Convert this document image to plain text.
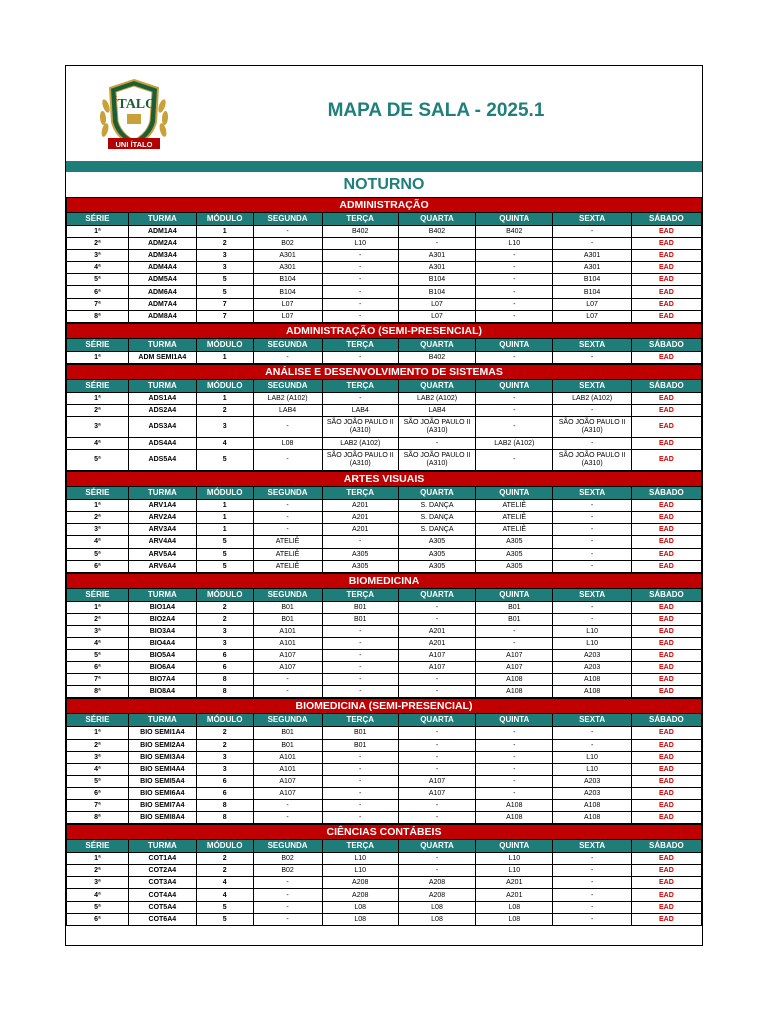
ÍTALO
UNI ÍTALO
MAPA DE SALA - 2025.1
NOTURNO
ADMINISTRAÇÃO								
SÉRIE	TURMA	MÓDULO	SEGUNDA	TERÇA	QUARTA	QUINTA	SEXTA	SÁBADO
1ª	ADM1A4	1	-	B402	B402	B402	-	EAD
2ª	ADM2A4	2	B02	L10	-	L10	-	EAD
3ª	ADM3A4	3	A301	-	A301	-	A301	EAD
4ª	ADM4A4	3	A301	-	A301	-	A301	EAD
5ª	ADM5A4	5	B104	-	B104	-	B104	EAD
6ª	ADM6A4	5	B104	-	B104	-	B104	EAD
7ª	ADM7A4	7	L07	-	L07	-	L07	EAD
8ª	ADM8A4	7	L07	-	L07	-	L07	EAD
ADMINISTRAÇÃO (SEMI-PRESENCIAL)								
SÉRIE	TURMA	MÓDULO	SEGUNDA	TERÇA	QUARTA	QUINTA	SEXTA	SÁBADO
1ª	ADM SEMI1A4	1	-	-	B402	-	-	EAD
ANÁLISE E DESENVOLVIMENTO DE SISTEMAS								
SÉRIE	TURMA	MÓDULO	SEGUNDA	TERÇA	QUARTA	QUINTA	SEXTA	SÁBADO
1ª	ADS1A4	1	LAB2 (A102)	-	LAB2 (A102)	-	LAB2 (A102)	EAD
2ª	ADS2A4	2	LAB4	LAB4	LAB4	-	-	EAD
3ª	ADS3A4	3	-	SÃO JOÃO PAULO II (A310)	SÃO JOÃO PAULO II (A310)	-	SÃO JOÃO PAULO II (A310)	EAD
4ª	ADS4A4	4	L08	LAB2 (A102)	-	LAB2 (A102)	-	EAD
5ª	ADS5A4	5	-	SÃO JOÃO PAULO II (A310)	SÃO JOÃO PAULO II (A310)	-	SÃO JOÃO PAULO II (A310)	EAD
ARTES VISUAIS								
SÉRIE	TURMA	MÓDULO	SEGUNDA	TERÇA	QUARTA	QUINTA	SEXTA	SÁBADO
1ª	ARV1A4	1	-	A201	S. DANÇA	ATELIÊ	-	EAD
2ª	ARV2A4	1	-	A201	S. DANÇA	ATELIÊ	-	EAD
3ª	ARV3A4	1	-	A201	S. DANÇA	ATELIÊ	-	EAD
4ª	ARV4A4	5	ATELIÊ	-	A305	A305	-	EAD
5ª	ARV5A4	5	ATELIÊ	A305	A305	A305	-	EAD
6ª	ARV6A4	5	ATELIÊ	A305	A305	A305	-	EAD
BIOMEDICINA								
SÉRIE	TURMA	MÓDULO	SEGUNDA	TERÇA	QUARTA	QUINTA	SEXTA	SÁBADO
1ª	BIO1A4	2	B01	B01	-	B01	-	EAD
2ª	BIO2A4	2	B01	B01	-	B01	-	EAD
3ª	BIO3A4	3	A101	-	A201	-	L10	EAD
4ª	BIO4A4	3	A101	-	A201	-	L10	EAD
5ª	BIO5A4	6	A107	-	A107	A107	A203	EAD
6ª	BIO6A4	6	A107	-	A107	A107	A203	EAD
7ª	BIO7A4	8	-	-	-	A108	A108	EAD
8ª	BIO8A4	8	-	-	-	A108	A108	EAD
BIOMEDICINA (SEMI-PRESENCIAL)								
SÉRIE	TURMA	MÓDULO	SEGUNDA	TERÇA	QUARTA	QUINTA	SEXTA	SÁBADO
1ª	BIO SEMI1A4	2	B01	B01	-	-	-	EAD
2ª	BIO SEMI2A4	2	B01	B01	-	-	-	EAD
3ª	BIO SEMI3A4	3	A101	-	-	-	L10	EAD
4ª	BIO SEMI4A4	3	A101	-	-	-	L10	EAD
5ª	BIO SEMI5A4	6	A107	-	A107	-	A203	EAD
6ª	BIO SEMI6A4	6	A107	-	A107	-	A203	EAD
7ª	BIO SEMI7A4	8	-	-	-	A108	A108	EAD
8ª	BIO SEMI8A4	8	-	-	-	A108	A108	EAD
CIÊNCIAS CONTÁBEIS								
SÉRIE	TURMA	MÓDULO	SEGUNDA	TERÇA	QUARTA	QUINTA	SEXTA	SÁBADO
1ª	COT1A4	2	B02	L10	-	L10	-	EAD
2ª	COT2A4	2	B02	L10	-	L10	-	EAD
3ª	COT3A4	4	-	A208	A208	A201	-	EAD
4ª	COT4A4	4	-	A208	A208	A201	-	EAD
5ª	COT5A4	5	-	L08	L08	L08	-	EAD
6ª	COT6A4	5	-	L08	L08	L08	-	EAD
